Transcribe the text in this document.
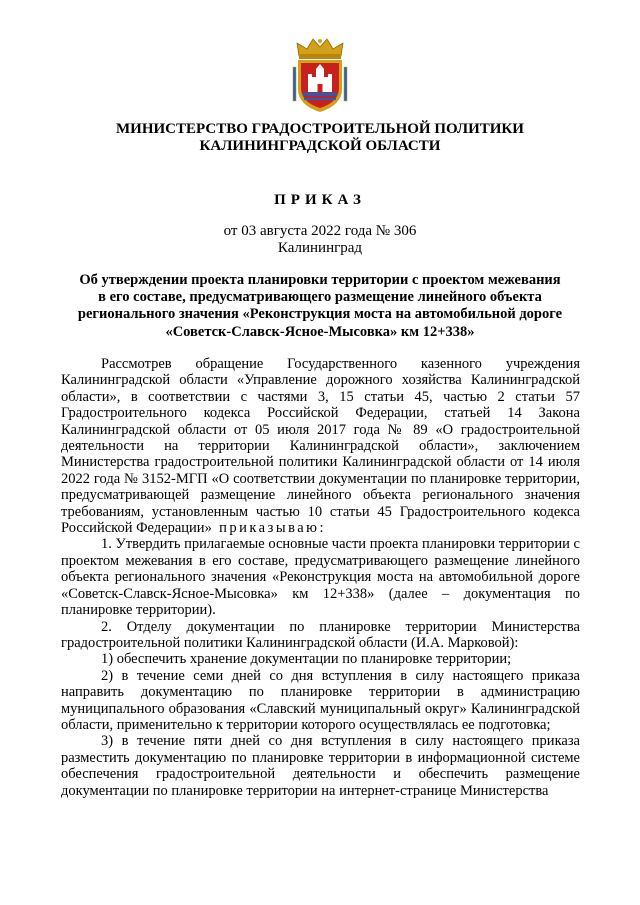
МИНИСТЕРСТВО ГРАДОСТРОИТЕЛЬНОЙ ПОЛИТИКИ
КАЛИНИНГРАДСКОЙ ОБЛАСТИ
ПРИКАЗ
от 03 августа 2022 года № 306
Калининград
Об утверждении проекта планировки территории с проектом межевания
в его составе, предусматривающего размещение линейного объекта
регионального значения «Реконструкция моста на автомобильной дороге
«Советск-Славск-Ясное-Мысовка» км 12+338»

Рассмотрев обращение Государственного казенного учреждения Калининградской области «Управление дорожного хозяйства Калининградской области», в соответствии с частями 3, 15 статьи 45, частью 2 статьи 57 Градостроительного кодекса Российской Федерации, статьей 14 Закона Калининградской области от 05 июля 2017 года № 89 «О градостроительной деятельности на территории Калининградской области», заключением Министерства градостроительной политики Калининградской области от 14 июля 2022 года № 3152-МГП «О соответствии документации по планировке территории, предусматривающей размещение линейного объекта регионального значения требованиям, установленным частью 10 статьи 45 Градостроительного кодекса Российской Федерации» приказываю:

1. Утвердить прилагаемые основные части проекта планировки территории с проектом межевания в его составе, предусматривающего размещение линейного объекта регионального значения «Реконструкция моста на автомобильной дороге «Советск-Славск-Ясное-Мысовка» км 12+338» (далее – документация по планировке территории).

2. Отделу документации по планировке территории Министерства градостроительной политики Калининградской области (И.А. Марковой):

1) обеспечить хранение документации по планировке территории;

2) в течение семи дней со дня вступления в силу настоящего приказа направить документацию по планировке территории в администрацию муниципального образования «Славский муниципальный округ» Калининградской области, применительно к территории которого осуществлялась ее подготовка;

3) в течение пяти дней со дня вступления в силу настоящего приказа разместить документацию по планировке территории в информационной системе обеспечения градостроительной деятельности и обеспечить размещение документации по планировке территории на интернет-странице Министерства
